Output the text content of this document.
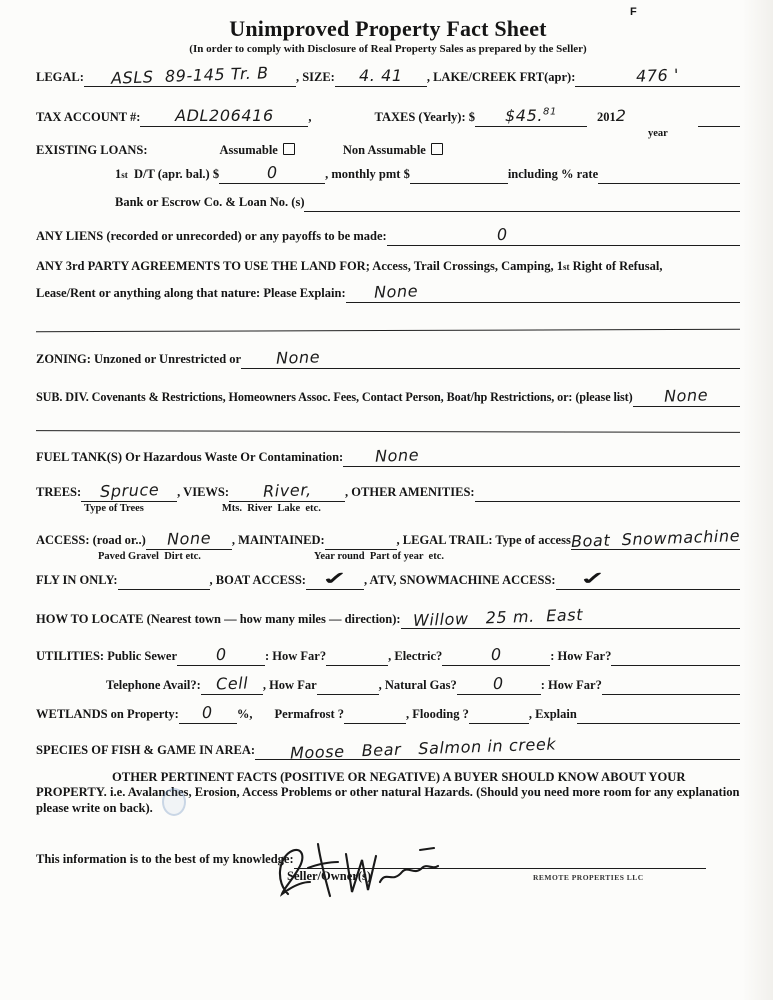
F
Unimproved Property Fact Sheet
(In order to comply with Disclosure of Real Property Sales as prepared by the Seller)
LEGAL:	ASLS  89-145 Tr. B	, SIZE:	4. 41	, LAKE/CREEK FRT(apr):	476 '
TAX ACCOUNT #:	ADL206416	,	TAXES (Yearly): $	$45.81	201 2

year
EXISTING LOANS:	Assumable	Non Assumable
1 st D/T (apr. bal.) $	0	, monthly pmt $
	including % rate

Bank or Escrow Co. & Loan No. (s)

ANY LIENS (recorded or unrecorded) or any payoffs to be made:	0
ANY 3rd PARTY AGREEMENTS TO USE THE LAND FOR; Access, Trail Crossings, Camping, 1 st Right of Refusal,
Lease/Rent or anything along that nature: Please Explain:	None
ZONING: Unzoned or Unrestricted or	None
SUB. DIV. Covenants & Restrictions, Homeowners Assoc. Fees, Contact Person, Boat/hp Restrictions, or: (please list)	None
FUEL TANK(S) Or Hazardous Waste Or Contamination:	None
TREES:	Spruce	, VIEWS:	River,	, OTHER AMENITIES:

Type of Trees	Mts.  River  Lake  etc.
ACCESS: (road or..)	None	, MAINTAINED:
	, LEGAL TRAIL: Type of access Boat  Snowmachine
Paved Gravel  Dirt etc.	Year round  Part of year  etc.
FLY IN ONLY:
	, BOAT ACCESS: ✓	, ATV, SNOWMACHINE ACCESS:	✓
HOW TO LOCATE (Nearest town — how many miles — direction): Willow   25 m.  East
UTILITIES: Public Sewer	0	: How Far?
	, Electric?	0	: How Far?

Telephone Avail?: Cell	, How Far
	, Natural Gas?	0	: How Far?

WETLANDS on Property:	0	%, Permafrost ?
	, Flooding ?
	, Explain

SPECIES OF FISH & GAME IN AREA:	Moose   Bear   Salmon in creek
OTHER PERTINENT FACTS (POSITIVE OR NEGATIVE) A BUYER SHOULD KNOW ABOUT YOUR PROPERTY. i.e. Avalanches, Erosion, Access Problems or other natural Hazards. (Should you need more room for any explanation please write on back).
This information is to the best of my knowledge:

Seller/Owner(s)	REMOTE PROPERTIES LLC
